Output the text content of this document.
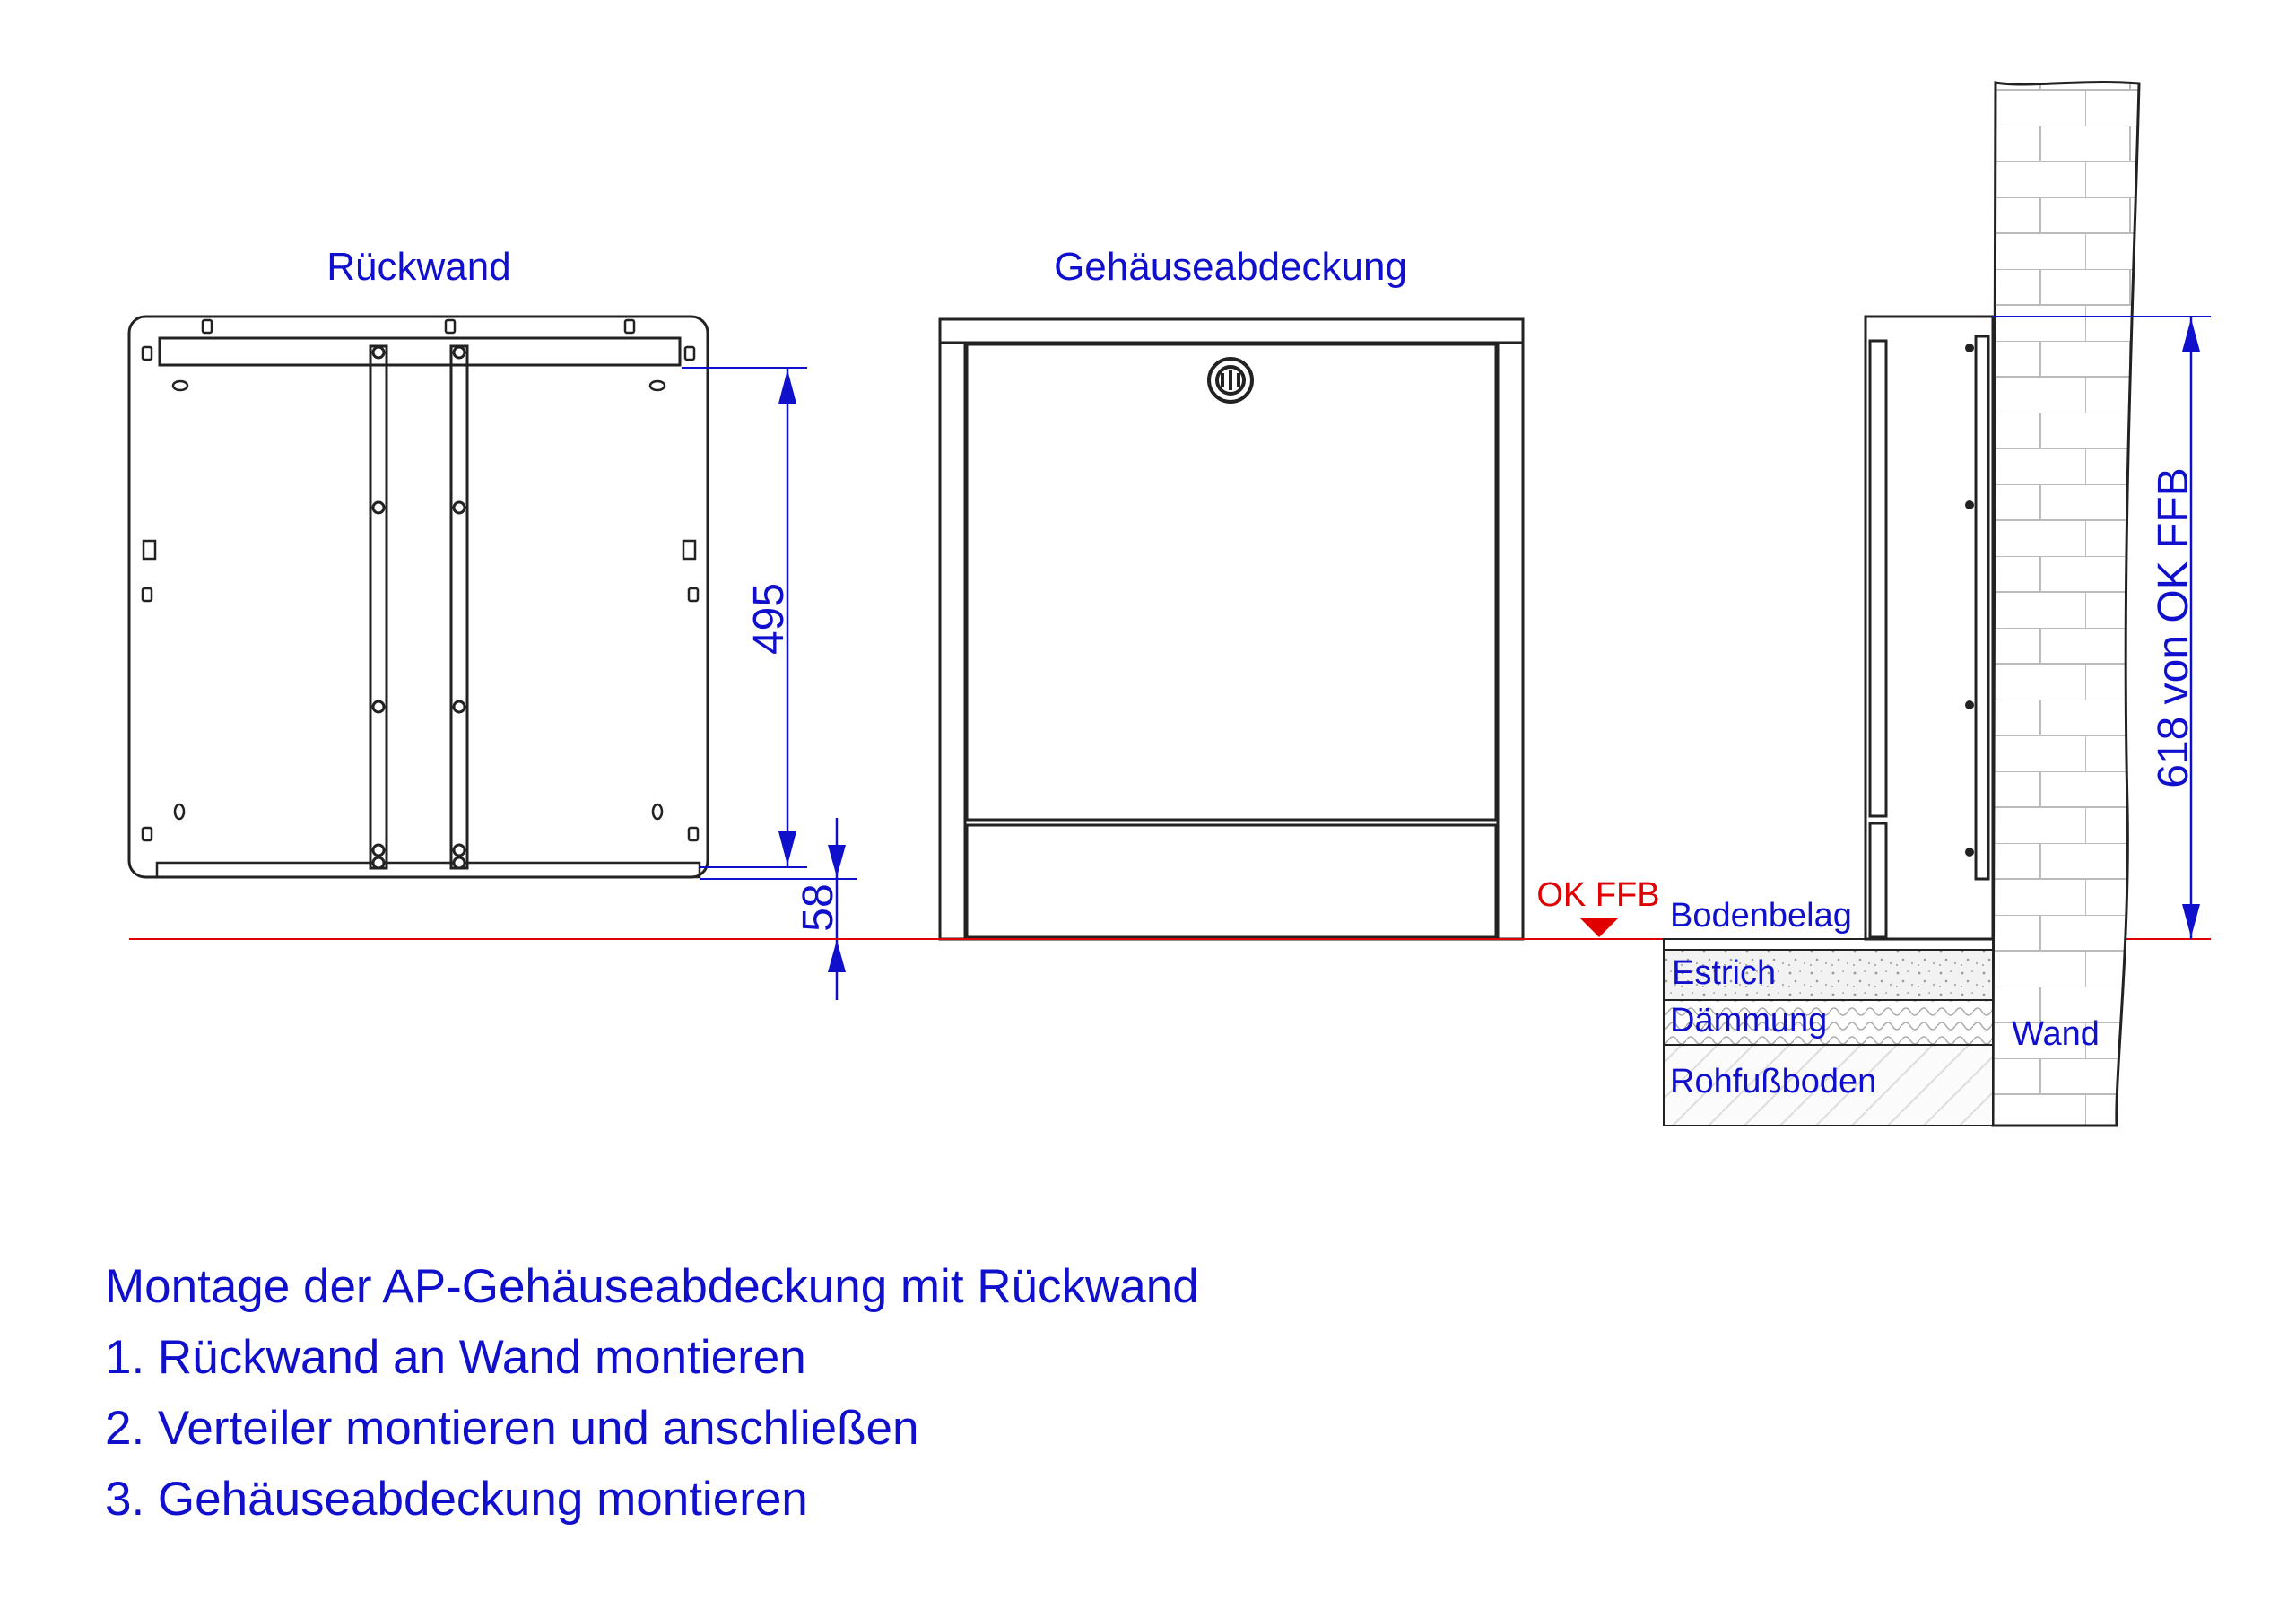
Rückwand
495
58
Gehäuseabdeckung
OK FFB
Wand
Bodenbelag
Estrich
Dämmung
Rohfußboden
618 von OK FFB
Montage der AP-Gehäuseabdeckung mit Rückwand
1. Rückwand an Wand montieren
2. Verteiler montieren und anschließen
3. Gehäuseabdeckung montieren
